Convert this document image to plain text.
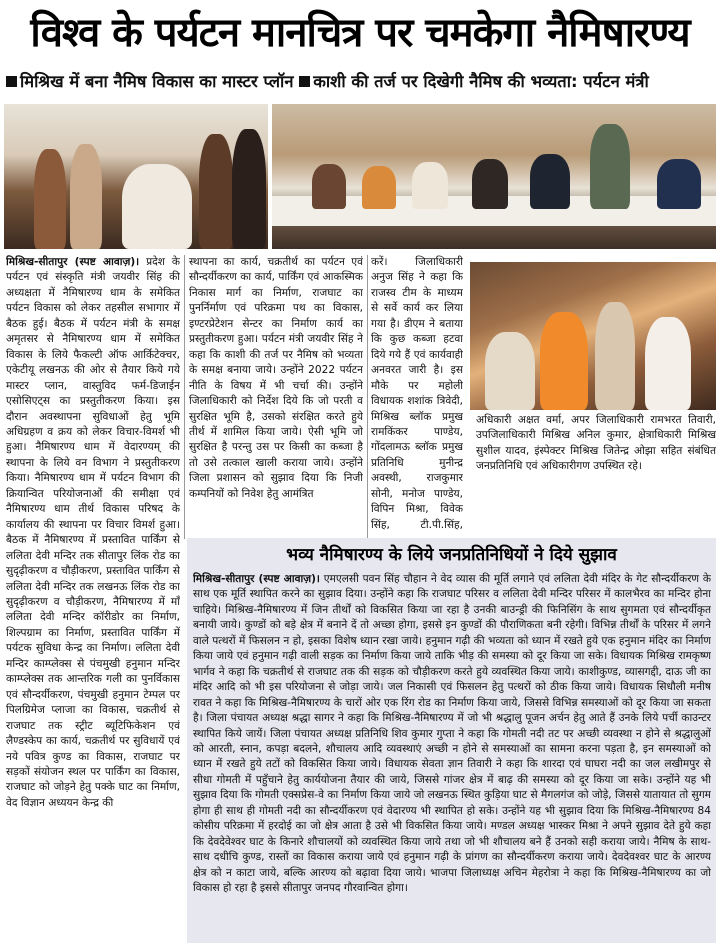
विश्व के पर्यटन मानचित्र पर चमकेगा नैमिषारण्य
मिश्रिख में बना नैमिष विकास का मास्टर प्लॉन काशी की तर्ज पर दिखेगी नैमिष की भव्यता: पर्यटन मंत्री
मिश्रिख-सीतापुर (स्पष्ट आवाज़)। प्रदेश के पर्यटन एवं संस्कृति मंत्री जयवीर सिंह की अध्यक्षता में नैमिषारण्य धाम के समेकित पर्यटन विकास को लेकर तहसील सभागार में बैठक हुई। बैठक में पर्यटन मंत्री के समक्ष अमृतसर से नैमिषारण्य धाम में समेकित विकास के लिये फैकल्टी ऑफ आर्किटेक्चर, एकेटीयू लखनऊ की ओर से तैयार किये गये मास्टर प्लान, वास्तुविद फर्म-डिजाईन एसोसिएट्स का प्रस्तुतीकरण किया। इस दौरान अवस्थापना सुविधाओं हेतु भूमि अधिग्रहण व क्रय को लेकर विचार-विमर्श भी हुआ। नैमिषारण्य धाम में वेदारण्यम् की स्थापना के लिये वन विभाग ने प्रस्तुतीकरण किया। नैमिषारण्य धाम में पर्यटन विभाग की क्रियान्वित परियोजनाओं की समीक्षा एवं नैमिषारण्य धाम तीर्थ विकास परिषद के कार्यालय की स्थापना पर विचार विमर्श हुआ। बैठक में नैमिषारण्य में प्रस्तावित पार्किंग से ललिता देवी मन्दिर तक सीतापुर लिंक रोड का सुदृढ़ीकरण व चौड़ीकरण, प्रस्तावित पार्किंग से ललिता देवी मन्दिर तक लखनऊ लिंक रोड का सुदृढ़ीकरण व चौड़ीकरण, नैमिषारण्य में माँ ललिता देवी मन्दिर कॉरीडोर का निर्माण, शिल्पग्राम का निर्माण, प्रस्तावित पार्किंग में पर्यटक सुविधा केन्द्र का निर्माण। ललिता देवी मन्दिर काम्प्लेक्स से पंचमुखी हनुमान मन्दिर काम्प्लेक्स तक आन्तरिक गली का पुनर्विकास एवं सौन्दर्यीकरण, पंचमुखी हनुमान टेम्पल पर पिलग्रिमेज प्लाजा का विकास, चक्रतीर्थ से राजघाट तक स्ट्रीट ब्यूटिफिकेशन एवं लैण्डस्केप का कार्य, चक्रतीर्थ पर सुविधायें एवं नये पवित्र कुण्ड का विकास, राजघाट पर सड़कों संयोजन स्थल पर पार्किंग का विकास, राजघाट को जोड़ने हेतु पक्के घाट का निर्माण, वेद विज्ञान अध्ययन केन्द्र की
स्थापना का कार्य, चक्रतीर्थ का पर्यटन एवं सौन्दर्यीकरण का कार्य, पार्किंग एवं आकस्मिक निकास मार्ग का निर्माण, राजघाट का पुनर्निर्माण एवं परिक्रमा पथ का विकास, इण्टरप्रेटेशन सेन्टर का निर्माण कार्य का प्रस्तुतीकरण हुआ। पर्यटन मंत्री जयवीर सिंह ने कहा कि काशी की तर्ज पर नैमिष को भव्यता के समक्ष बनाया जाये। उन्होंने 2022 पर्यटन नीति के विषय में भी चर्चा की। उन्होंने जिलाधिकारी को निर्देश दिये कि जो परती व सुरक्षित भूमि है, उसको संरक्षित करते हुये तीर्थ में शामिल किया जाये। ऐसी भूमि जो सुरक्षित है परन्तु उस पर किसी का कब्जा है तो उसे तत्काल खाली कराया जाये। उन्होंने जिला प्रशासन को सुझाव दिया कि निजी कम्पनियों को निवेश हेतु आमंत्रित
करें। जिलाधिकारी अनुज सिंह ने कहा कि राजस्व टीम के माध्यम से सर्वे कार्य कर लिया गया है। डीएम ने बताया कि कुछ कब्जा हटवा दिये गये हैं एवं कार्यवाही अनवरत जारी है। इस मौके पर महोली विधायक शशांक त्रिवेदी, मिश्रिख ब्लॉक प्रमुख रामकिंकर पाण्डेय, गोंदलामऊ ब्लॉक प्रमुख प्रतिनिधि मुनीन्द्र अवस्थी, राजकुमार सोनी, मनोज पाण्डेय, विपिन मिश्रा, विवेक सिंह, टी.पी.सिंह,
अधिकारी अक्षत वर्मा, अपर जिलाधिकारी रामभरत तिवारी, उपजिलाधिकारी मिश्रिख अनिल कुमार, क्षेत्राधिकारी मिश्रिख सुशील यादव, इंस्पेक्टर मिश्रिख जितेन्द्र ओझा सहित संबंधित जनप्रतिनिधि एवं अधिकारीगण उपस्थित रहे।
भव्य नैमिषारण्य के लिये जनप्रतिनिधियों ने दिये सुझाव
मिश्रिख-सीतापुर (स्पष्ट आवाज़)। एमएलसी पवन सिंह चौहान ने वेद व्यास की मूर्ति लगाने एवं ललिता देवी मंदिर के गेट सौन्दर्यीकरण के साथ एक मूर्ति स्थापित करने का सुझाव दिया। उन्होंने कहा कि राजघाट परिसर व ललिता देवी मन्दिर परिसर में कालभैरव का मन्दिर होना चाहिये। मिश्रिख-नैमिषारण्य में जिन तीर्थों को विकसित किया जा रहा है उनकी बाउन्ड्री की फिनिसिंग के साथ सुगमता एवं सौन्दर्यीकृत बनायी जाये। कुण्डों को बड़े क्षेत्र में बनाने दें तो अच्छा होगा, इससे इन कुण्डों की पौराणिकता बनी रहेगी। विभिन्न तीर्थों के परिसर में लगने वाले पत्थरों में फिसलन न हो, इसका विशेष ध्यान रखा जाये। हनुमान गढ़ी की भव्यता को ध्यान में रखते हुये एक हनुमान मंदिर का निर्माण किया जाये एवं हनुमान गढ़ी वाली सड़क का निर्माण किया जाये ताकि भीड़ की समस्या को दूर किया जा सके। विधायक मिश्रिख रामकृष्ण भार्गव ने कहा कि चक्रतीर्थ से राजघाट तक की सड़क को चौड़ीकरण करते हुये व्यवस्थित किया जाये। काशीकुण्ड, व्यासगद्दी, दाऊ जी का मंदिर आदि को भी इस परियोजना से जोड़ा जाये। जल निकासी एवं फिसलन हेतु पत्थरों को ठीक किया जाये। विधायक सिधौली मनीष रावत ने कहा कि मिश्रिख-नैमिषारण्य के चारों ओर एक रिंग रोड का निर्माण किया जाये, जिससे विभिन्न समस्याओं को दूर किया जा सकता है। जिला पंचायत अध्यक्ष श्रद्धा सागर ने कहा कि मिश्रिख-नैमिषारण्य में जो भी श्रद्धालु पूजन अर्चन हेतु आते हैं उनके लिये पर्ची काउन्टर स्थापित किये जायें। जिला पंचायत अध्यक्ष प्रतिनिधि शिव कुमार गुप्ता ने कहा कि गोमती नदी तट पर अच्छी व्यवस्था न होने से श्रद्धालुओं को आरती, स्नान, कपड़ा बदलने, शौचालय आदि व्यवस्थाएं अच्छी न होने से समस्याओं का सामना करना पड़ता है, इन समस्याओं को ध्यान में रखते हुये तटों को विकसित किया जाये। विधायक सेवता ज्ञान तिवारी ने कहा कि शारदा एवं घाघरा नदी का जल लखीमपुर से सीधा गोमती में पहुँचाने हेतु कार्ययोजना तैयार की जाये, जिससे गांजर क्षेत्र में बाढ़ की समस्या को दूर किया जा सके। उन्होंने यह भी सुझाव दिया कि गोमती एक्सप्रेस-वे का निर्माण किया जाये जो लखनऊ स्थित कुड़िया घाट से मैगलगंज को जोड़े, जिससे यातायात तो सुगम होगा ही साथ ही गोमती नदी का सौन्दर्यीकरण एवं वेदारण्य भी स्थापित हो सके। उन्होंने यह भी सुझाव दिया कि मिश्रिख-नैमिषारण्य 84 कोसीय परिक्रमा में हरदोई का जो क्षेत्र आता है उसे भी विकसित किया जाये। मण्डल अध्यक्ष भास्कर मिश्रा ने अपने सुझाव देते हुये कहा कि देवदेवेश्वर घाट के किनारे शौचालयों को व्यवस्थित किया जाये तथा जो भी शौचालय बने हैं उनको सही कराया जाये। नैमिष के साथ-साथ दधीचि कुण्ड, रास्तों का विकास कराया जाये एवं हनुमान गढ़ी के प्रांगण का सौन्दर्यीकरण कराया जाये। देवदेवश्वर घाट के आरण्य क्षेत्र को न काटा जाये, बल्कि आरण्य को बढ़ावा दिया जाये। भाजपा जिलाध्यक्ष अचिन मेहरोत्रा ने कहा कि मिश्रिख-नैमिषारण्य का जो विकास हो रहा है इससे सीतापुर जनपद गौरवान्वित होगा।
